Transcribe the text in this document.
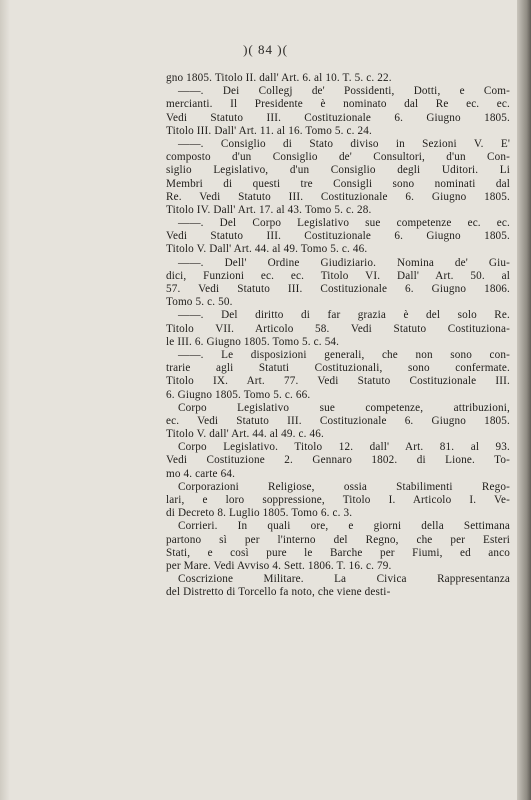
)( 84 )(

gno 1805. Titolo II. dall' Art. 6. al 10. T. 5. c. 22.
——. Dei Collegj de' Possidenti, Dotti, e Com-
mercianti. Il Presidente è nominato dal Re ec. ec.
Vedi Statuto III. Costituzionale 6. Giugno 1805.
Titolo III. Dall' Art. 11. al 16. Tomo 5. c. 24.
——. Consiglio di Stato diviso in Sezioni V. E'
composto d'un Consiglio de' Consultori, d'un Con-
siglio Legislativo, d'un Consiglio degli Uditori. Li
Membri di questi tre Consigli sono nominati dal
Re. Vedi Statuto III. Costituzionale 6. Giugno 1805.
Titolo IV. Dall' Art. 17. al 43. Tomo 5. c. 28.
——. Del Corpo Legislativo sue competenze ec. ec.
Vedi Statuto III. Costituzionale 6. Giugno 1805.
Titolo V. Dall' Art. 44. al 49. Tomo 5. c. 46.
——. Dell' Ordine Giudiziario. Nomina de' Giu-
dici, Funzioni ec. ec. Titolo VI. Dall' Art. 50. al
57. Vedi Statuto III. Costituzionale 6. Giugno 1806.
Tomo 5. c. 50.
——. Del diritto di far grazia è del solo Re.
Titolo VII. Articolo 58. Vedi Statuto Costituziona-
le III. 6. Giugno 1805. Tomo 5. c. 54.
——. Le disposizioni generali, che non sono con-
trarie agli Statuti Costituzionali, sono confermate.
Titolo IX. Art. 77. Vedi Statuto Costituzionale III.
6. Giugno 1805. Tomo 5. c. 66.
Corpo Legislativo sue competenze, attribuzioni,
ec. Vedi Statuto III. Costituzionale 6. Giugno 1805.
Titolo V. dall' Art. 44. al 49. c. 46.
Corpo Legislativo. Titolo 12. dall' Art. 81. al 93.
Vedi Costituzione 2. Gennaro 1802. di Lione. To-
mo 4. carte 64.
Corporazioni Religiose, ossia Stabilimenti Rego-
lari, e loro soppressione, Titolo I. Articolo I. Ve-
di Decreto 8. Luglio 1805. Tomo 6. c. 3.
Corrieri. In quali ore, e giorni della Settimana
partono sì per l'interno del Regno, che per Esteri
Stati, e così pure le Barche per Fiumi, ed anco
per Mare. Vedi Avviso 4. Sett. 1806. T. 16. c. 79.
Coscrizione Militare. La Civica Rappresentanza
del Distretto di Torcello fa noto, che viene desti-
